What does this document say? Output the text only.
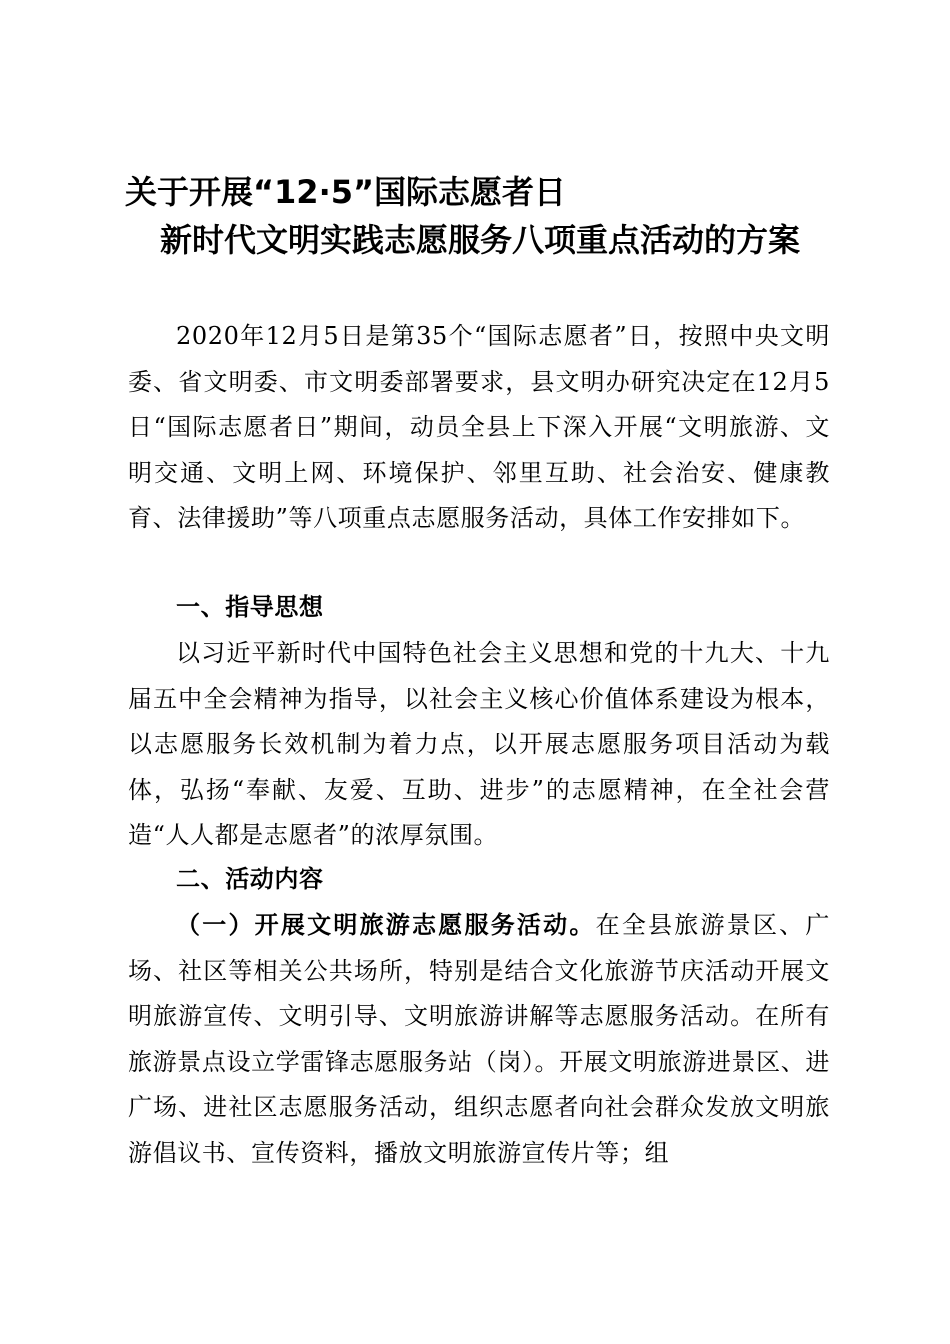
关于开展“12·5”国际志愿者日
新时代文明实践志愿服务八项重点活动的方案
2020年12月5日是第35个“国际志愿者”日，按照中央文明委、省文明委、市文明委部署要求，县文明办研究决定在12月5日“国际志愿者日”期间，动员全县上下深入开展“文明旅游、文明交通、文明上网、环境保护、邻里互助、社会治安、健康教育、法律援助”等八项重点志愿服务活动，具体工作安排如下。
一、指导思想
以习近平新时代中国特色社会主义思想和党的十九大、十九届五中全会精神为指导，以社会主义核心价值体系建设为根本，以志愿服务长效机制为着力点，以开展志愿服务项目活动为载体，弘扬“奉献、友爱、互助、进步”的志愿精神，在全社会营造“人人都是志愿者”的浓厚氛围。
二、活动内容
（一）开展文明旅游志愿服务活动。在全县旅游景区、广场、社区等相关公共场所，特别是结合文化旅游节庆活动开展文明旅游宣传、文明引导、文明旅游讲解等志愿服务活动。在所有旅游景点设立学雷锋志愿服务站（岗）。开展文明旅游进景区、进广场、进社区志愿服务活动，组织志愿者向社会群众发放文明旅游倡议书、宣传资料，播放文明旅游宣传片等；组
